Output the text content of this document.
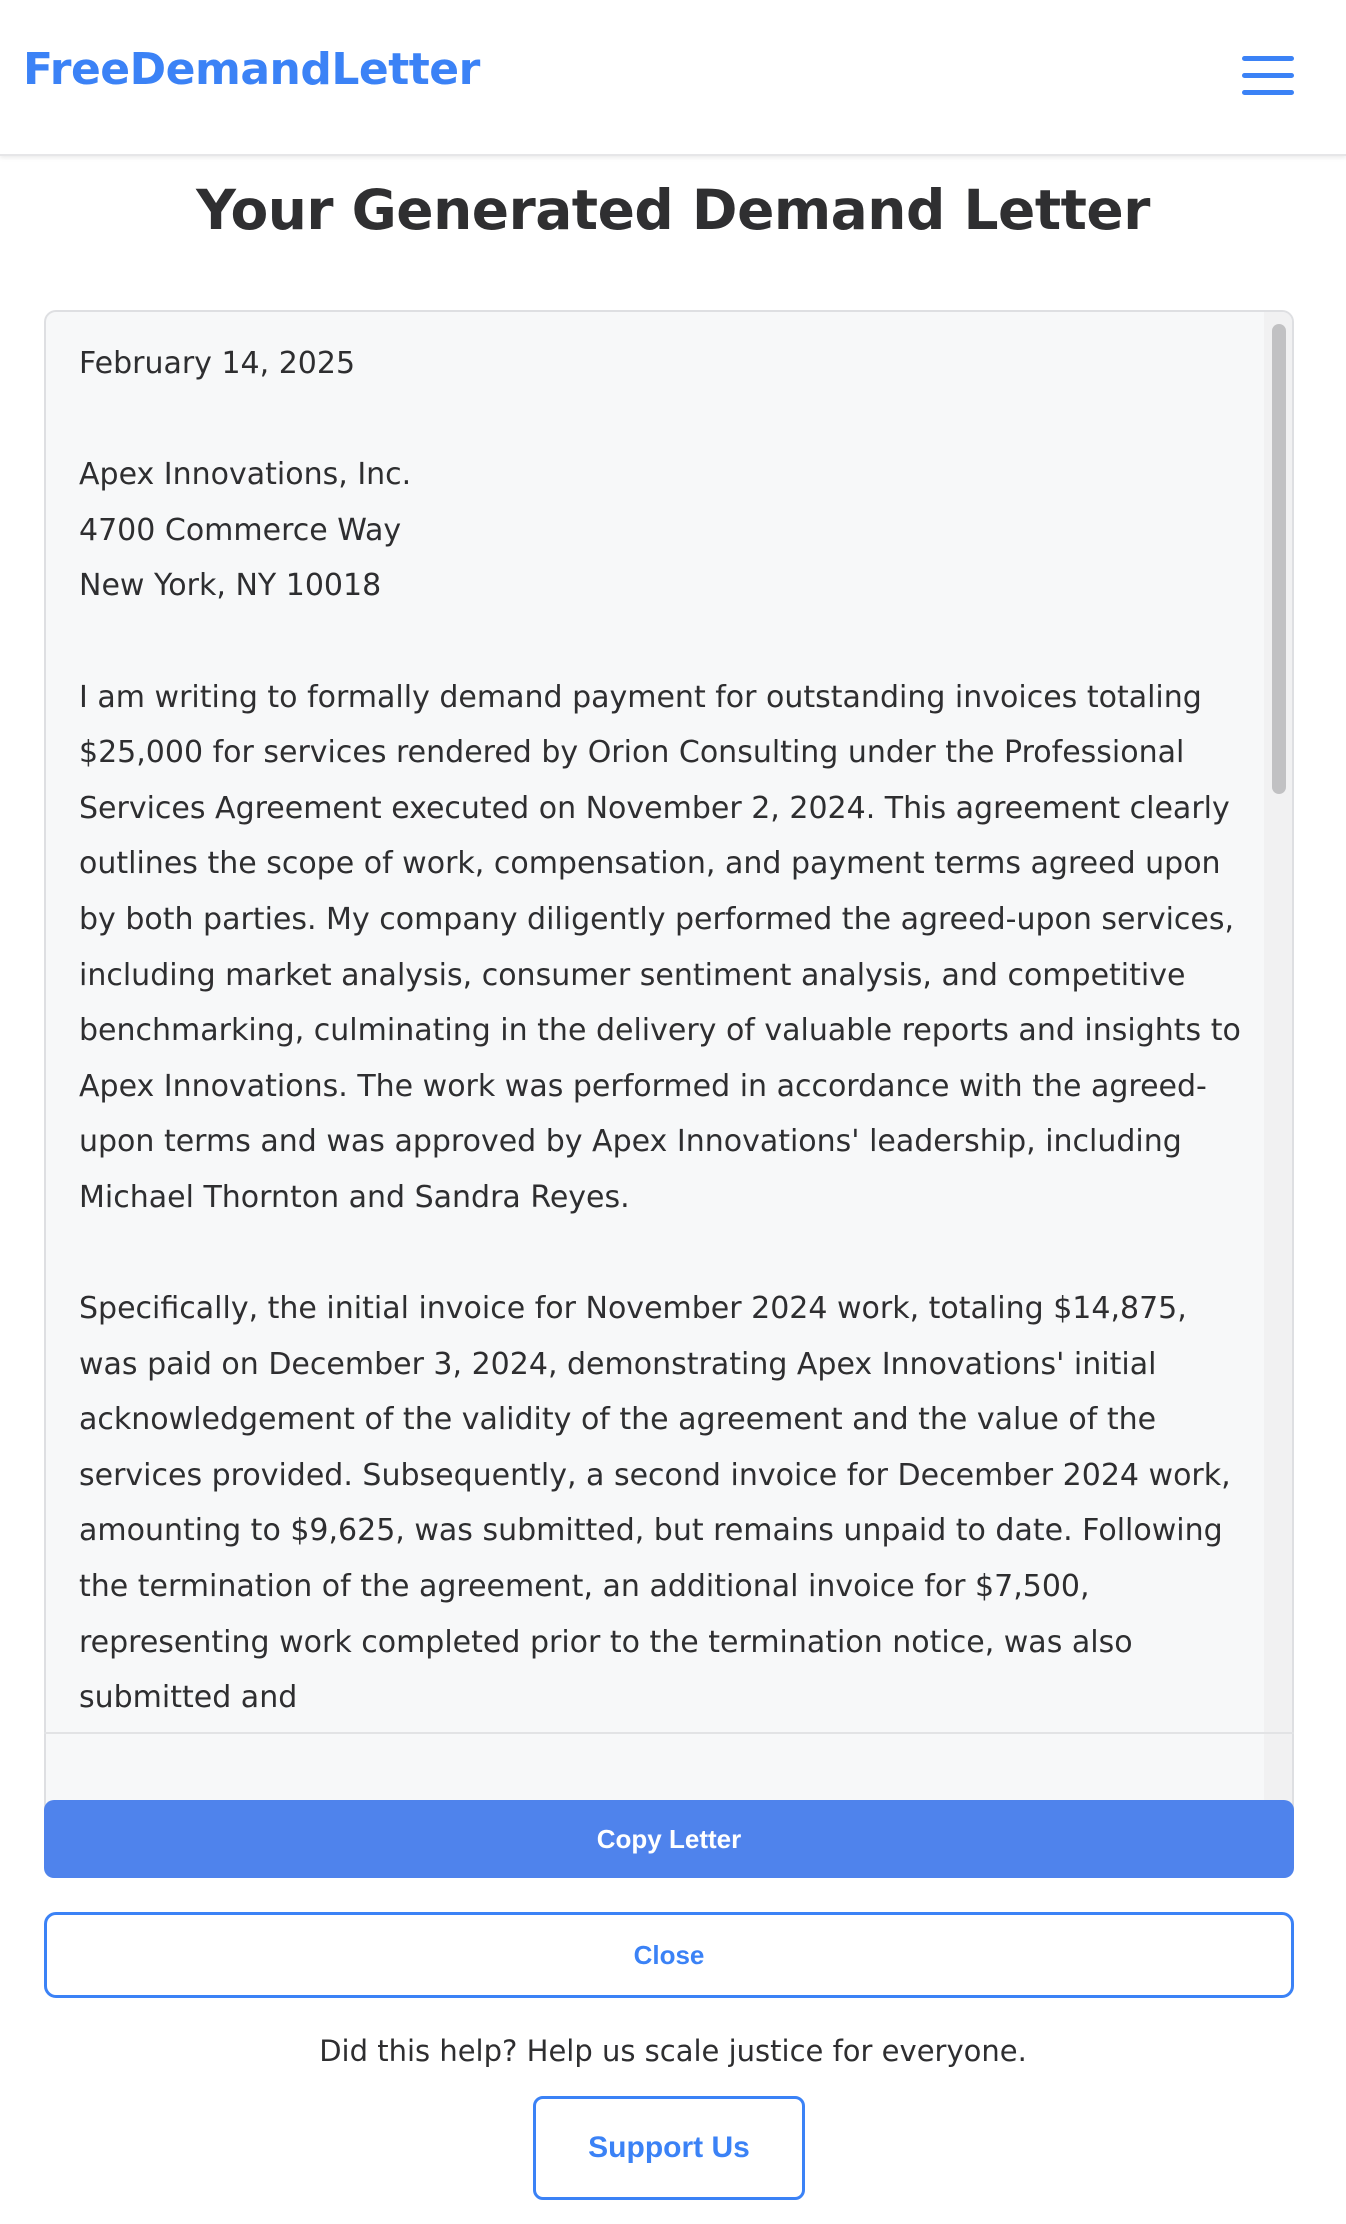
FreeDemandLetter
Your Generated Demand Letter
February 14, 2025

Apex Innovations, Inc.
4700 Commerce Way
New York, NY 10018

I am writing to formally demand payment for outstanding invoices totaling $25,000 for services rendered by Orion Consulting under the Professional Services Agreement executed on November 2, 2024. This agreement clearly outlines the scope of work, compensation, and payment terms agreed upon by both parties. My company diligently performed the agreed-upon services, including market analysis, consumer sentiment analysis, and competitive benchmarking, culminating in the delivery of valuable reports and insights to Apex Innovations. The work was performed in accordance with the agreed-upon terms and was approved by Apex Innovations' leadership, including Michael Thornton and Sandra Reyes.

Specifically, the initial invoice for November 2024 work, totaling $14,875, was paid on December 3, 2024, demonstrating Apex Innovations' initial acknowledgement of the validity of the agreement and the value of the services provided. Subsequently, a second invoice for December 2024 work, amounting to $9,625, was submitted, but remains unpaid to date. Following the termination of the agreement, an additional invoice for $7,500, representing work completed prior to the termination notice, was also submitted and
Copy Letter
Close

Did this help? Help us scale justice for everyone.

Support Us
